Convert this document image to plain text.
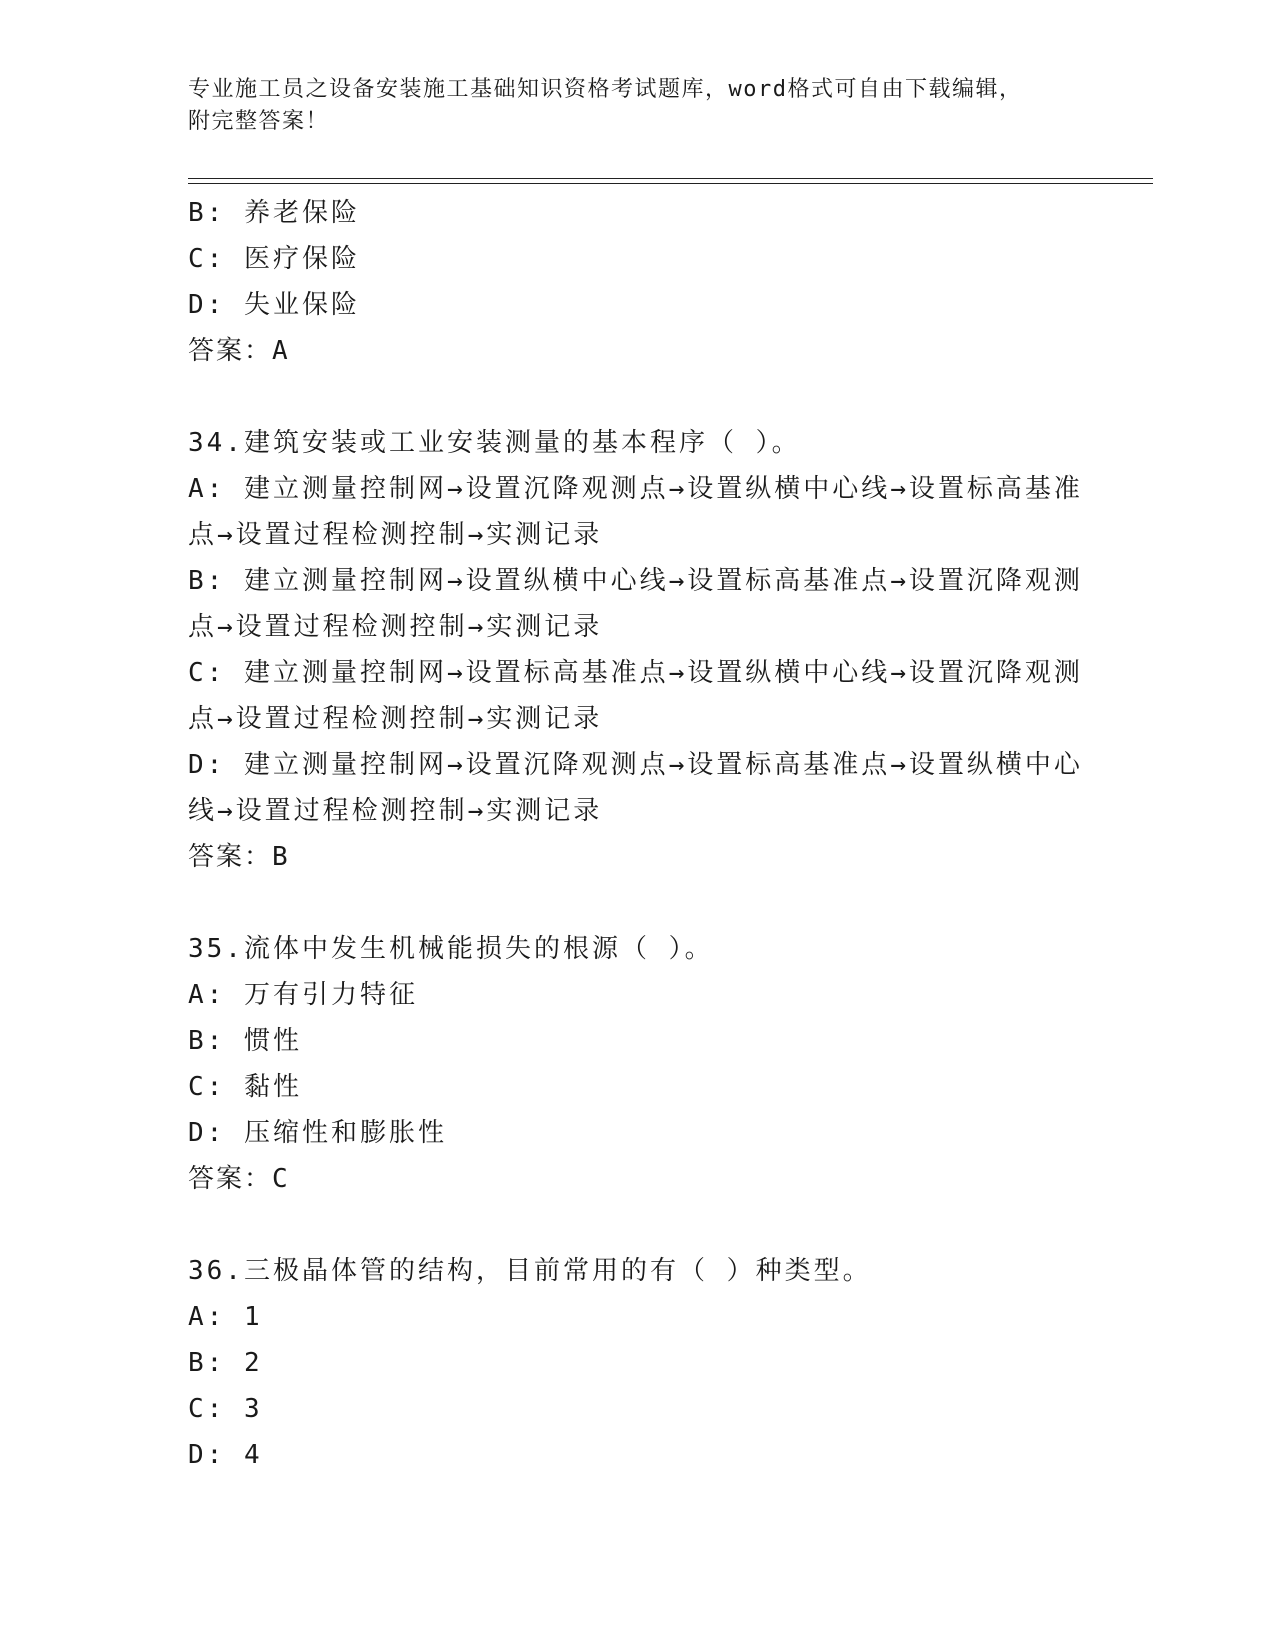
专业施工员之设备安装施工基础知识资格考试题库，word格式可自由下载编辑，
附完整答案！
B: 养老保险
C: 医疗保险
D: 失业保险
答案：A
34.建筑安装或工业安装测量的基本程序（ ）。
A: 建立测量控制网→设置沉降观测点→设置纵横中心线→设置标高基准点→设置过程检测控制→实测记录
B: 建立测量控制网→设置纵横中心线→设置标高基准点→设置沉降观测点→设置过程检测控制→实测记录
C: 建立测量控制网→设置标高基准点→设置纵横中心线→设置沉降观测点→设置过程检测控制→实测记录
D: 建立测量控制网→设置沉降观测点→设置标高基准点→设置纵横中心线→设置过程检测控制→实测记录
答案：B
35.流体中发生机械能损失的根源（ ）。
A: 万有引力特征
B: 惯性
C: 黏性
D: 压缩性和膨胀性
答案：C
36.三极晶体管的结构，目前常用的有（ ）种类型。
A: 1
B: 2
C: 3
D: 4
